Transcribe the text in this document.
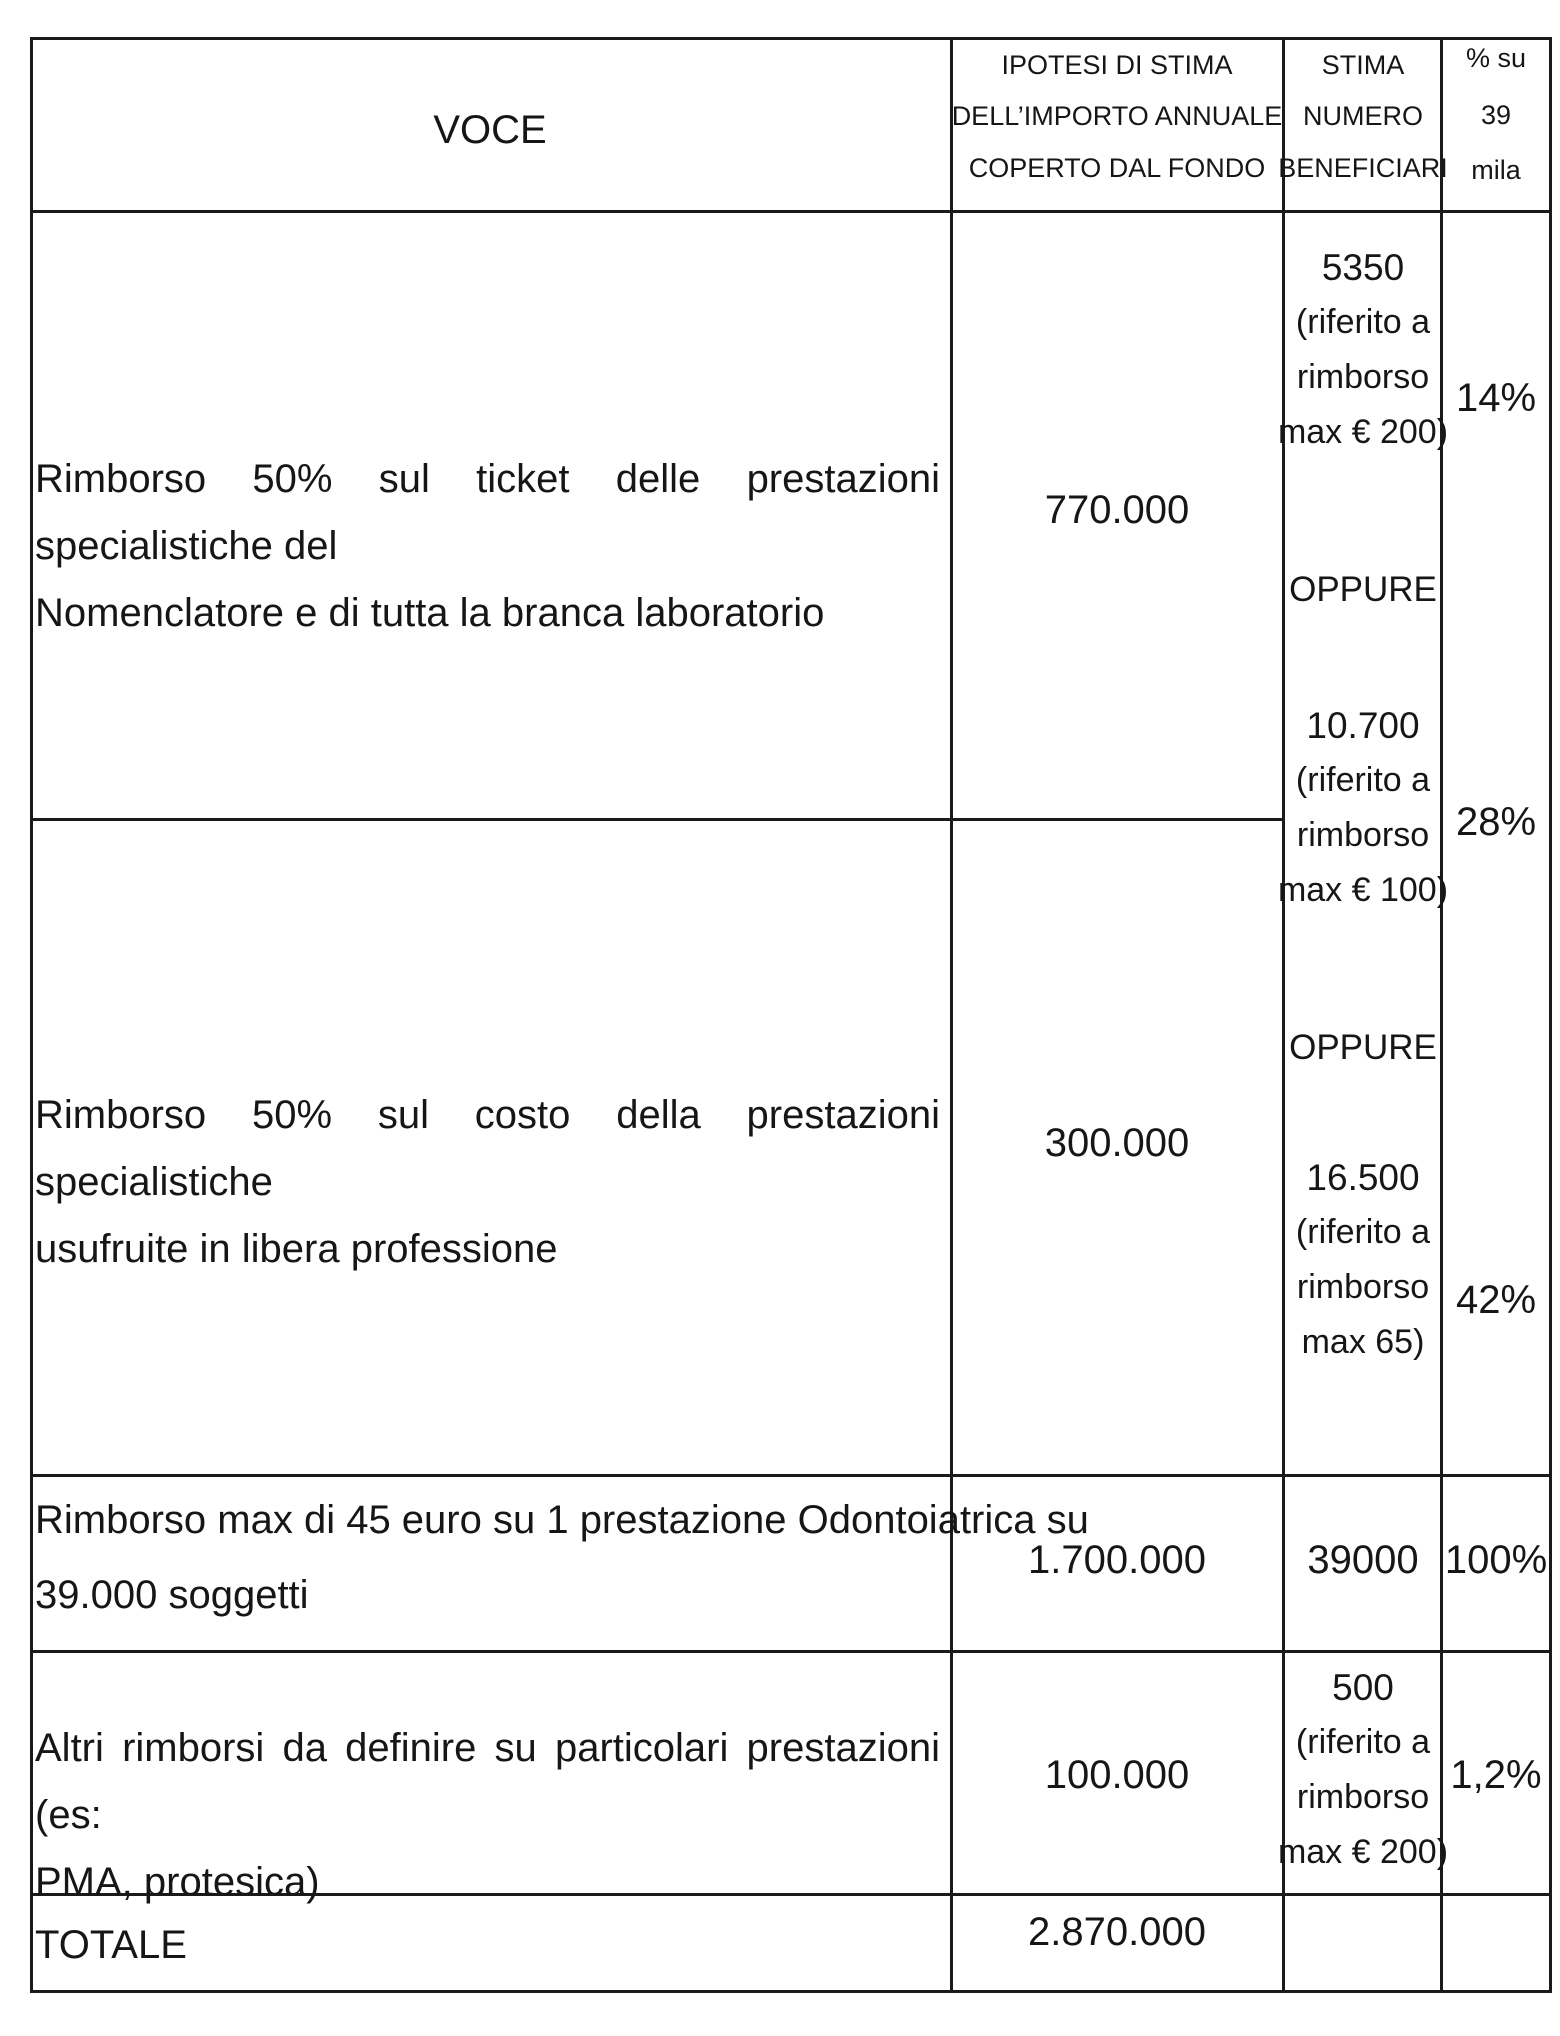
VOCE
IPOTESI DI STIMA
DELL’IMPORTO ANNUALE
COPERTO DAL FONDO
STIMA
NUMERO
BENEFICIARI
% su
39
mila
Rimborso 50% sul ticket delle prestazioni specialistiche del
Nomenclatore e di tutta la branca laboratorio
770.000
Rimborso 50% sul costo della prestazioni specialistiche
usufruite in libera professione
300.000
5350
(riferito a
rimborso
max € 200)
OPPURE
10.700
(riferito a
rimborso
max € 100)
OPPURE
16.500
(riferito a
rimborso
max 65)
14%
28%
42%
Rimborso max di 45 euro su 1 prestazione Odontoiatrica su
39.000 soggetti
1.700.000	39000 100%
Altri rimborsi da definire su particolari prestazioni (es:
PMA, protesica)
100.000
500
(riferito a
rimborso
max € 200)
1,2%
TOTALE	2.870.000
